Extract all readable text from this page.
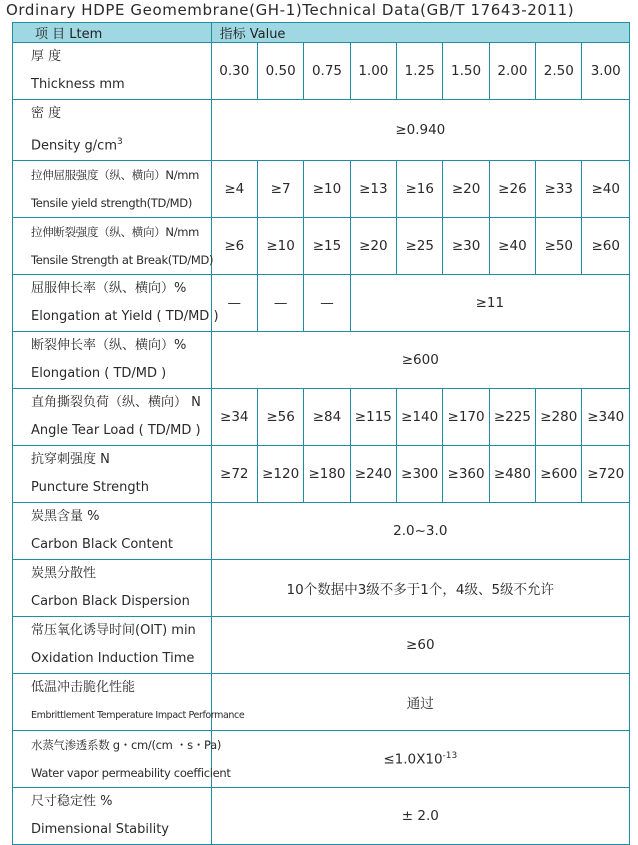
Ordinary HDPE Geomembrane(GH-1)Technical Data(GB/T 17643-2011)
项 目 Ltem	指标 Value								

厚 度
Thickness mm	0.30	0.50	0.75	1.00	1.25	1.50	2.00	2.50	3.00

密 度
Density $g/cm^3$	≥0.940								

拉伸屈服强度（纵、横向）N/mm
Tensile yield strength(TD/MD)	≥4	≥7	≥10	≥13	≥16	≥20	≥26	≥33	≥40

拉伸断裂强度（纵、横向）N/mm
Tensile Strength at Break(TD/MD)	≥6	≥10	≥15	≥20	≥25	≥30	≥40	≥50	≥60

屈服伸长率（纵、横向）%
Elongation at Yield ( TD/MD )	—	—	—	≥11					

断裂伸长率（纵、横向）%
Elongation ( TD/MD )	≥600								

直角撕裂负荷（纵、横向） N
Angle Tear Load ( TD/MD )	≥34	≥56	≥84	≥115	≥140	≥170	≥225	≥280	≥340

抗穿刺强度 N
Puncture Strength	≥72	≥120	≥180	≥240	≥300	≥360	≥480	≥600	≥720

炭黑含量 %
Carbon Black Content	2.0~3.0								

炭黑分散性
Carbon Black Dispersion	10个数据中3级不多于1个，4级、5级不允许								

常压氧化诱导时间(OIT) min
Oxidation Induction Time	≥60								

低温冲击脆化性能
Embrittlement Temperature Impact Performance	通过								

水蒸气渗透系数 g・cm/(cm ・s・Pa)
Water vapor permeability coefficient	$\le 1.0X10^{-13}$

尺寸稳定性 %
Dimensional Stability	± 2.0								
